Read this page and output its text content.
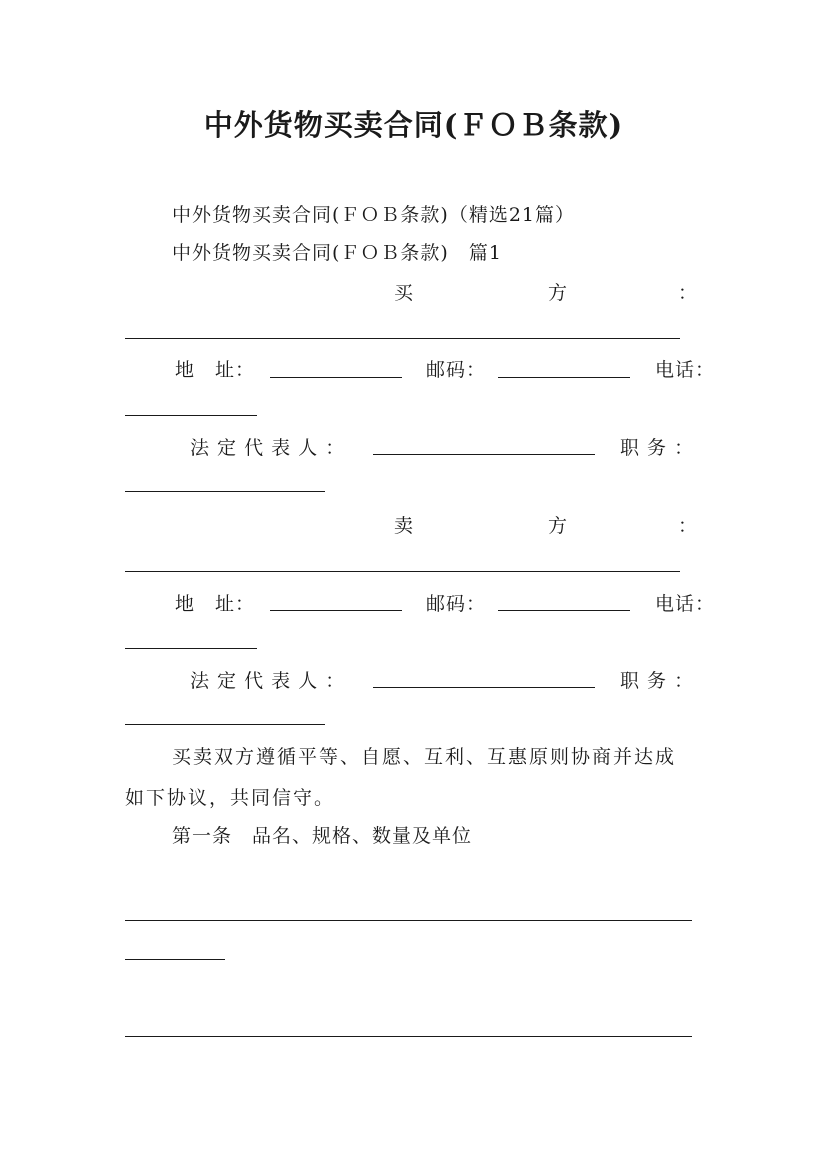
中外货物买卖合同(ＦＯＢ条款)
中外货物买卖合同(ＦＯＢ条款)（精选21篇）
中外货物买卖合同(ＦＯＢ条款)　篇1
买	方	：
地　址：	邮码：	电话：
法 定 代 表 人 ：	职 务 ：
卖	方	：
地　址：	邮码：	电话：
法 定 代 表 人 ：	职 务 ：
买卖双方遵循平等、自愿、互利、互惠原则协商并达成
如下协议，共同信守。
第一条　品名、规格、数量及单位
